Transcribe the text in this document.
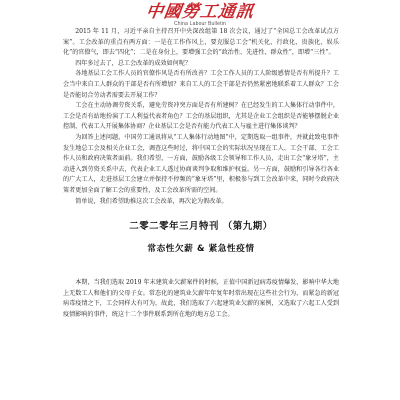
中國勞工通訊
China Labour Bulletin

2015 年 11 月，习近平亲自主持召开中央深改组第 18 次会议，通过了“全国总工会改革试点方案”。工会改革的重点有两方面：一是在工作作风上，要克服总工会“机关化、行政化、贵族化、娱乐化”的官僚气，即去“四化”；二是在身份上，要增强工会的“政治性、先进性、群众性”，即增“三性”。

四年多过去了，总工会改革的成效如何呢？

各地基层工会工作人员的官僚作风是否有所改善？工会工作人员的工人阶级感情是否有所提升？工会当中来自工人群众的干部是否有所增加？来自工人的工会干部是否仍然紧密地联系着工人群众？工会是否能切合劳动者需要去开展工作？

工会在主动协调劳资关系，避免劳资冲突方面是否有所建树？在已经发生的工人集体行动事件中，工会是否有站地扮演了工人利益代表者角色？工会的基层组织，尤其是企业工会组织是否能够摆脱企业控制，代表工人开展集体协商？企业基层工会是否有能力代表工人与雇主进行集体谈判？

为回答上述问题，中国劳工通讯将从“工人集体行动地图”中，定期选取一组事件，并就此致电事件发生地总工会及相关企业工会，调查这些时过，将中国工会的实际状况呈现在工人、工会干部、工会工作人员和政府决策者面前。我们希望，一方面，鼓励各级工会领导和工作人员，走出工会“象牙塔”，主动进入到劳资关系中去，代表企业工人透过协商谈判争取和维护权益。另一方面，鼓励和引导各行各业的广大工人，走进基层工会建立并保持不停频的“象牙塔”里，积极参与到工会改革中来，同时令政府决策者更加全面了解工会的重要性，及工会改革所需的空间。

简单说，我们希望助推这次工会改革，再次论为假改革。

二零二零年三月特刊 （第九期）
常态性欠薪 & 紧急性疫情

本期，当我们选取 2019 年末建筑业欠薪案件的时候，正值中国新冠病毒疫情爆发，影响中华大地上无数工人和他们的父母子女。常态化的建筑业欠薪年年复年时常出现在这些社会行为，而紧急的新冠病毒疫情之下，工会同样大有可为，故此，我们选取了六起建筑业欠薪的案例，又选取了六起工人受到疫情影响的事件，统这十二个事件联系到所在地的地方总工会。
